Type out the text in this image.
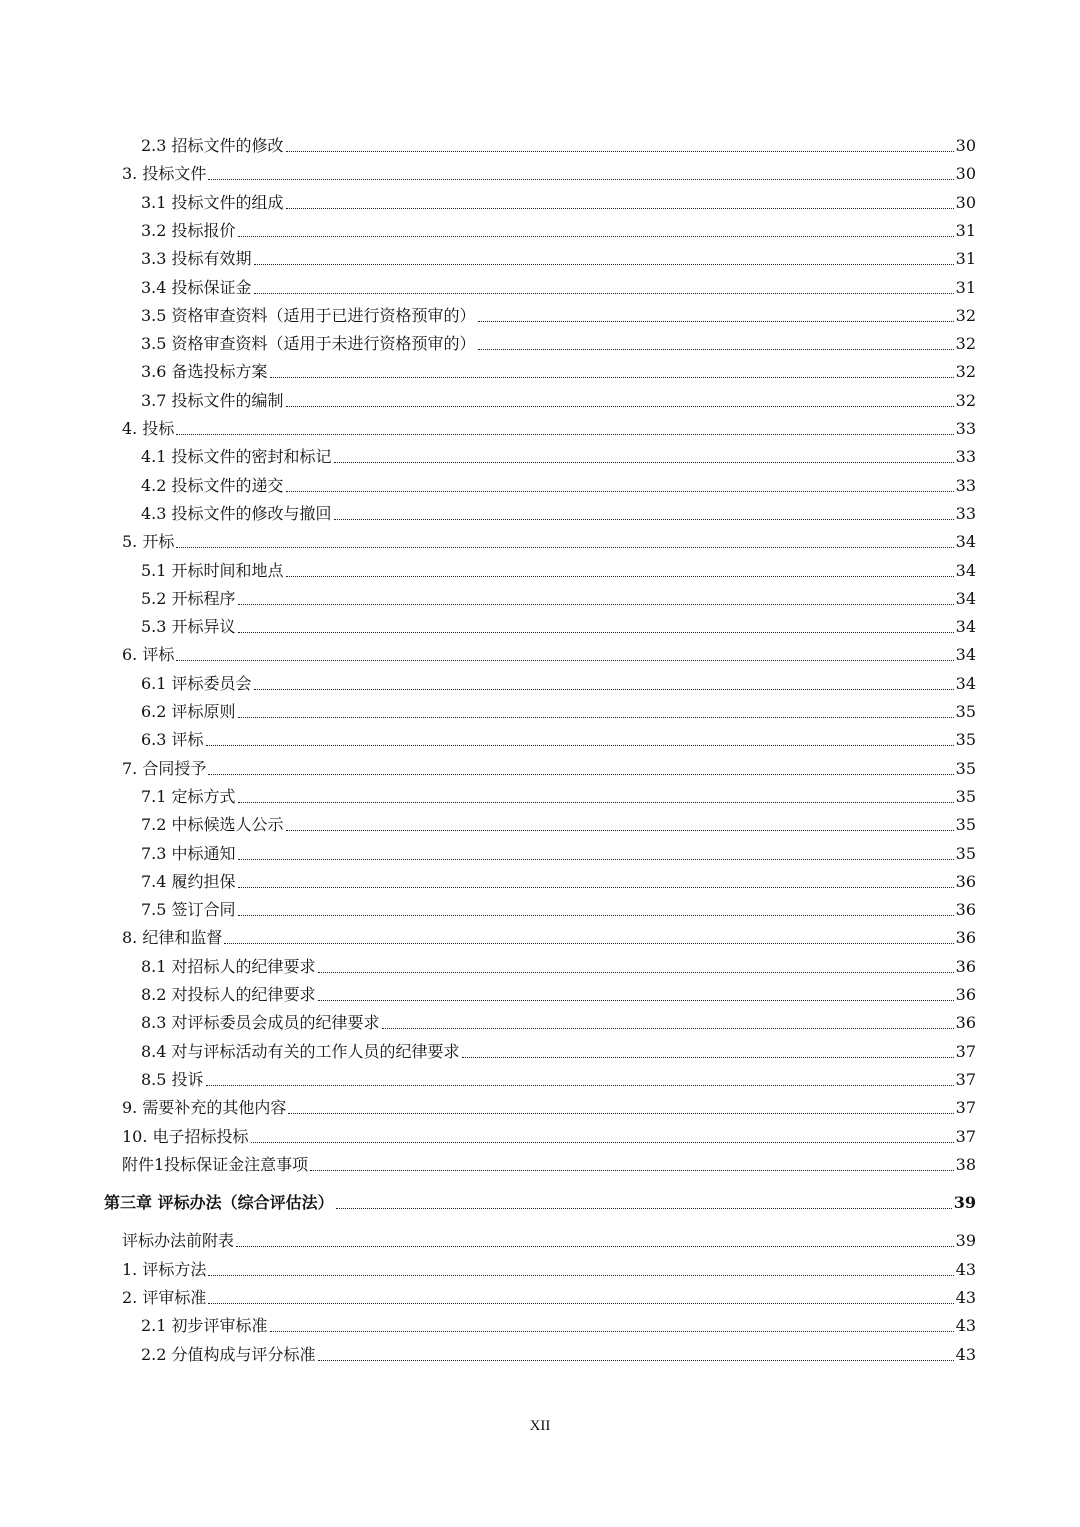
2.3 招标文件的修改	30
3. 投标文件	30
3.1 投标文件的组成	30
3.2 投标报价	31
3.3 投标有效期	31
3.4 投标保证金	31
3.5 资格审查资料（适用于已进行资格预审的）	32
3.5 资格审查资料（适用于未进行资格预审的）	32
3.6 备选投标方案	32
3.7 投标文件的编制	32
4. 投标	33
4.1 投标文件的密封和标记	33
4.2 投标文件的递交	33
4.3 投标文件的修改与撤回	33
5. 开标	34
5.1 开标时间和地点	34
5.2 开标程序	34
5.3 开标异议	34
6. 评标	34
6.1 评标委员会	34
6.2 评标原则	35
6.3 评标	35
7. 合同授予	35
7.1 定标方式	35
7.2 中标候选人公示	35
7.3 中标通知	35
7.4 履约担保	36
7.5 签订合同	36
8. 纪律和监督	36
8.1 对招标人的纪律要求	36
8.2 对投标人的纪律要求	36
8.3 对评标委员会成员的纪律要求	36
8.4 对与评标活动有关的工作人员的纪律要求	37
8.5 投诉	37
9. 需要补充的其他内容	37
10. 电子招标投标	37
附件1投标保证金注意事项	38
第三章 评标办法（综合评估法）	39
评标办法前附表	39
1. 评标方法	43
2. 评审标准	43
2.1 初步评审标准	43
2.2 分值构成与评分标准	43
XII
